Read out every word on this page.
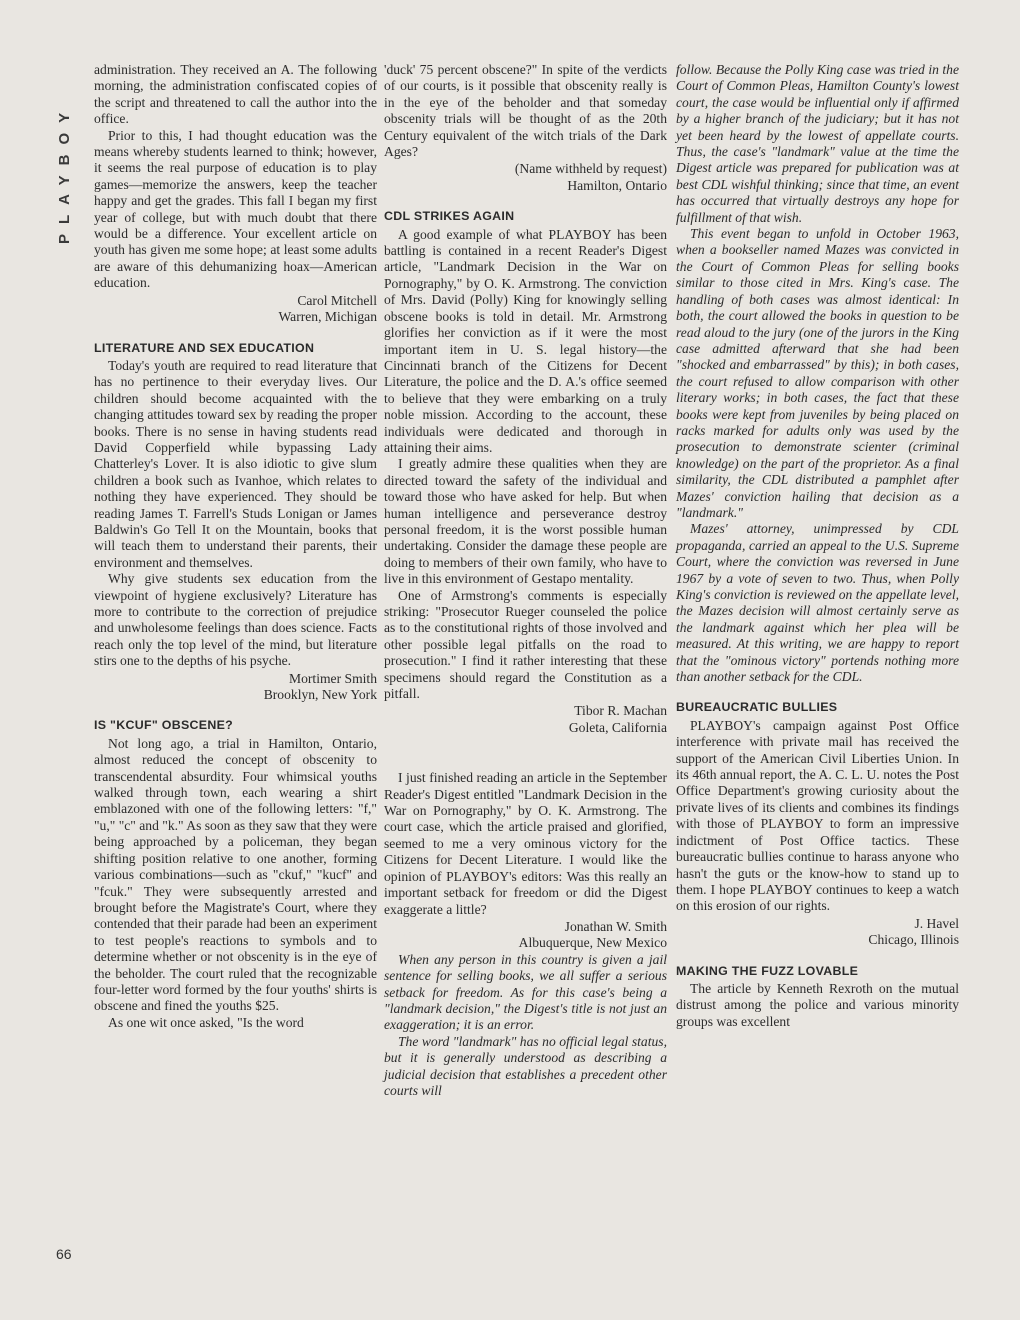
PLAYBOY
66

administration. They received an A. The following morning, the administration confiscated copies of the script and threatened to call the author into the office.

Prior to this, I had thought education was the means whereby students learned to think; however, it seems the real purpose of education is to play games—memorize the answers, keep the teacher happy and get the grades. This fall I began my first year of college, but with much doubt that there would be a difference. Your excellent article on youth has given me some hope; at least some adults are aware of this dehumanizing hoax—American education.

Carol Mitchell

Warren, Michigan

LITERATURE AND SEX EDUCATION

Today's youth are required to read literature that has no pertinence to their everyday lives. Our children should become acquainted with the changing attitudes toward sex by reading the proper books. There is no sense in having students read David Copperfield while bypassing Lady Chatterley's Lover. It is also idiotic to give slum children a book such as Ivanhoe, which relates to nothing they have experienced. They should be reading James T. Farrell's Studs Lonigan or James Baldwin's Go Tell It on the Mountain, books that will teach them to understand their parents, their environment and themselves.

Why give students sex education from the viewpoint of hygiene exclusively? Literature has more to contribute to the correction of prejudice and unwholesome feelings than does science. Facts reach only the top level of the mind, but literature stirs one to the depths of his psyche.

Mortimer Smith

Brooklyn, New York

IS "KCUF" OBSCENE?

Not long ago, a trial in Hamilton, Ontario, almost reduced the concept of obscenity to transcendental absurdity. Four whimsical youths walked through town, each wearing a shirt emblazoned with one of the following letters: "f," "u," "c" and "k." As soon as they saw that they were being approached by a policeman, they began shifting position relative to one another, forming various combinations—such as "ckuf," "kucf" and "fcuk." They were subsequently arrested and brought before the Magistrate's Court, where they contended that their parade had been an experiment to test people's reactions to symbols and to determine whether or not obscenity is in the eye of the beholder. The court ruled that the recognizable four-letter word formed by the four youths' shirts is obscene and fined the youths $25.

As one wit once asked, "Is the word

'duck' 75 percent obscene?" In spite of the verdicts of our courts, is it possible that obscenity really is in the eye of the beholder and that someday obscenity trials will be thought of as the 20th Century equivalent of the witch trials of the Dark Ages?

(Name withheld by request)

Hamilton, Ontario

CDL STRIKES AGAIN

A good example of what PLAYBOY has been battling is contained in a recent Reader's Digest article, "Landmark Decision in the War on Pornography," by O. K. Armstrong. The conviction of Mrs. David (Polly) King for knowingly selling obscene books is told in detail. Mr. Armstrong glorifies her conviction as if it were the most important item in U. S. legal history—the Cincinnati branch of the Citizens for Decent Literature, the police and the D. A.'s office seemed to believe that they were embarking on a truly noble mission. According to the account, these individuals were dedicated and thorough in attaining their aims.

I greatly admire these qualities when they are directed toward the safety of the individual and toward those who have asked for help. But when human intelligence and perseverance destroy personal freedom, it is the worst possible human undertaking. Consider the damage these people are doing to members of their own family, who have to live in this environment of Gestapo mentality.

One of Armstrong's comments is especially striking: "Prosecutor Rueger counseled the police as to the constitutional rights of those involved and other possible legal pitfalls on the road to prosecution." I find it rather interesting that these specimens should regard the Constitution as a pitfall.

Tibor R. Machan

Goleta, California

I just finished reading an article in the September Reader's Digest entitled "Landmark Decision in the War on Pornography," by O. K. Armstrong. The court case, which the article praised and glorified, seemed to me a very ominous victory for the Citizens for Decent Literature. I would like the opinion of PLAYBOY's editors: Was this really an important setback for freedom or did the Digest exaggerate a little?

Jonathan W. Smith

Albuquerque, New Mexico

When any person in this country is given a jail sentence for selling books, we all suffer a serious setback for freedom. As for this case's being a "landmark decision," the Digest's title is not just an exaggeration; it is an error.

The word "landmark" has no official legal status, but it is generally understood as describing a judicial decision that establishes a precedent other courts will

follow. Because the Polly King case was tried in the Court of Common Pleas, Hamilton County's lowest court, the case would be influential only if affirmed by a higher branch of the judiciary; but it has not yet been heard by the lowest of appellate courts. Thus, the case's "landmark" value at the time the Digest article was prepared for publication was at best CDL wishful thinking; since that time, an event has occurred that virtually destroys any hope for fulfillment of that wish.

This event began to unfold in October 1963, when a bookseller named Mazes was convicted in the Court of Common Pleas for selling books similar to those cited in Mrs. King's case. The handling of both cases was almost identical: In both, the court allowed the books in question to be read aloud to the jury (one of the jurors in the King case admitted afterward that she had been "shocked and embarrassed" by this); in both cases, the court refused to allow comparison with other literary works; in both cases, the fact that these books were kept from juveniles by being placed on racks marked for adults only was used by the prosecution to demonstrate scienter (criminal knowledge) on the part of the proprietor. As a final similarity, the CDL distributed a pamphlet after Mazes' conviction hailing that decision as a "landmark."

Mazes' attorney, unimpressed by CDL propaganda, carried an appeal to the U.S. Supreme Court, where the conviction was reversed in June 1967 by a vote of seven to two. Thus, when Polly King's conviction is reviewed on the appellate level, the Mazes decision will almost certainly serve as the landmark against which her plea will be measured. At this writing, we are happy to report that the "ominous victory" portends nothing more than another setback for the CDL.

BUREAUCRATIC BULLIES

PLAYBOY's campaign against Post Office interference with private mail has received the support of the American Civil Liberties Union. In its 46th annual report, the A. C. L. U. notes the Post Office Department's growing curiosity about the private lives of its clients and combines its findings with those of PLAYBOY to form an impressive indictment of Post Office tactics. These bureaucratic bullies continue to harass anyone who hasn't the guts or the know-how to stand up to them. I hope PLAYBOY continues to keep a watch on this erosion of our rights.

J. Havel

Chicago, Illinois

MAKING THE FUZZ LOVABLE

The article by Kenneth Rexroth on the mutual distrust among the police and various minority groups was excellent
